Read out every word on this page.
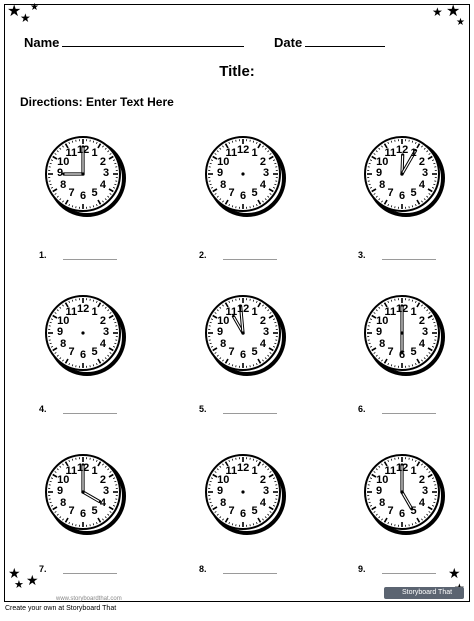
★
★
★	★ ★
★
★
★ ★	★
Name	Date
Title:
Directions: Enter Text Here
12 1
2
3
4
5
6
7
8
9
10
11
1.
12 1
2
3
4
5
6
7
8
9
10
11
2.
12 1
2
3
4
5
6
7
8
9
10
11
3.
12 1
2
3
4
5
6
7
8
9
10
11
4.
12 1
2
3
4
5
6
7
8
9
10
11
5.
12 1
2
3
4
5
6
7
8
9
10
11
6.
12 1
2
3
4
5
6
7
8
9
10
11
7.
12 1
2
3
4
5
6
7
8
9
10
11
8.
12 1
2
3
4
5
6
7
8
9
10
11
9.
www.storyboardthat.com
Storyboard That
Create your own at Storyboard That
